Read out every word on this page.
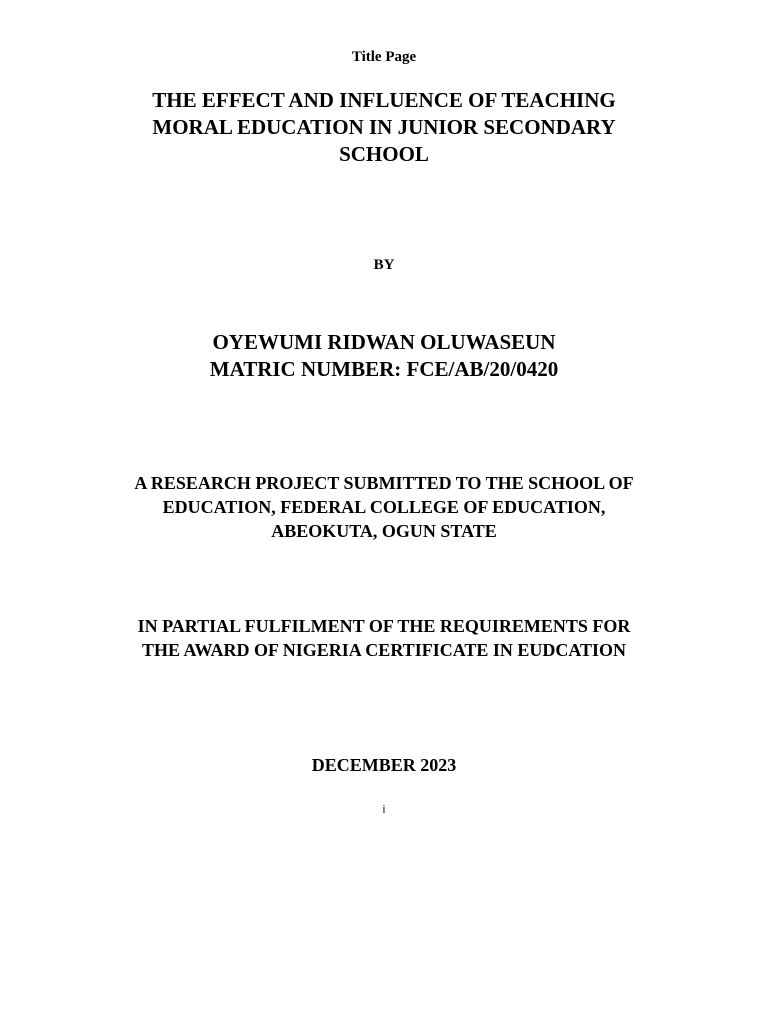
Title Page
THE EFFECT AND INFLUENCE OF TEACHING
MORAL EDUCATION IN JUNIOR SECONDARY
SCHOOL
BY
OYEWUMI RIDWAN OLUWASEUN
MATRIC NUMBER: FCE/AB/20/0420
A RESEARCH PROJECT SUBMITTED TO THE SCHOOL OF
EDUCATION, FEDERAL COLLEGE OF EDUCATION,
ABEOKUTA, OGUN STATE
IN PARTIAL FULFILMENT OF THE REQUIREMENTS FOR
THE AWARD OF NIGERIA CERTIFICATE IN EUDCATION
DECEMBER 2023
i
